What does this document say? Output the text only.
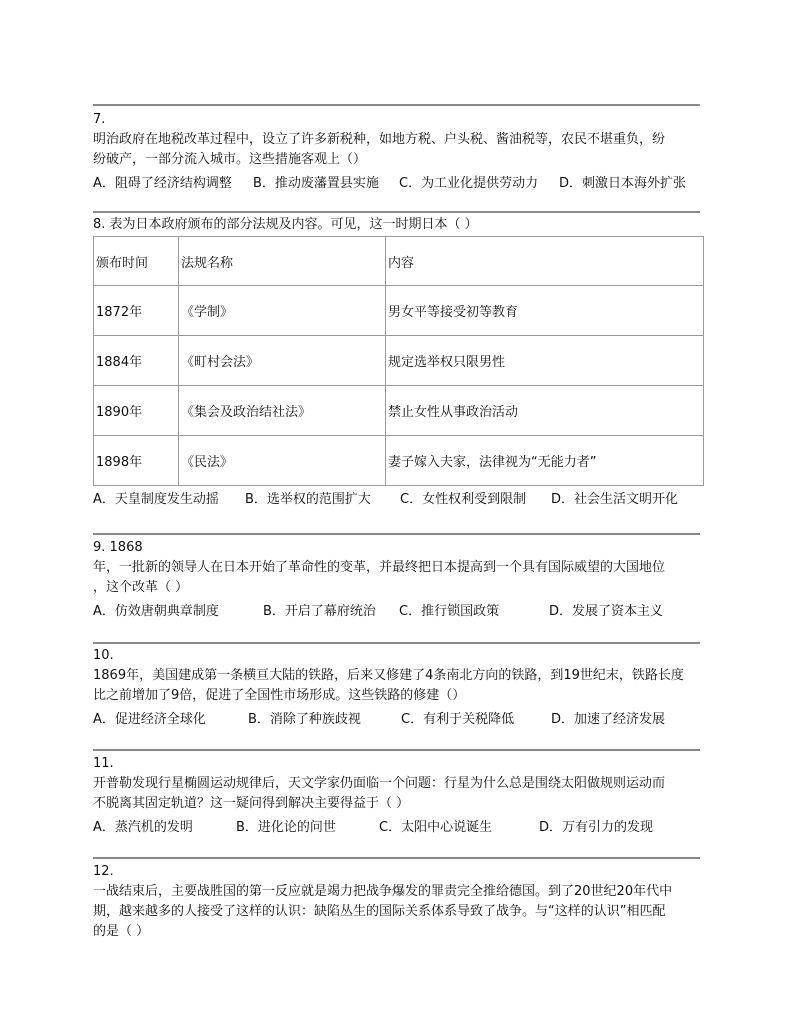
7.
明治政府在地税改革过程中，设立了许多新税种，如地方税、户头税、酱油税等，农民不堪重负，纷
纷破产，一部分流入城市。这些措施客观上（）
A．阻碍了经济结构调整	B．推动废藩置县实施	C．为工业化提供劳动力	D．刺激日本海外扩张
8. 表为日本政府颁布的部分法规及内容。可见，这一时期日本（ ）
颁布时间	法规名称	内容
1872年	《学制》	男女平等接受初等教育
1884年	《町村会法》	规定选举权只限男性
1890年	《集会及政治结社法》	禁止女性从事政治活动
1898年	《民法》	妻子嫁入夫家，法律视为“无能力者”
A．天皇制度发生动摇	B．选举权的范围扩大	C．女性权利受到限制	D．社会生活文明开化
9. 1868
年，一批新的领导人在日本开始了革命性的变革，并最终把日本提高到一个具有国际威望的大国地位
，这个改革（ ）
A．仿效唐朝典章制度	B．开启了幕府统治	C．推行锁国政策	D．发展了资本主义
10.
1869年，美国建成第一条横亘大陆的铁路，后来又修建了4条南北方向的铁路，到19世纪末，铁路长度
比之前增加了9倍，促进了全国性市场形成。这些铁路的修建（）
A．促进经济全球化	B．消除了种族歧视	C．有利于关税降低	D．加速了经济发展
11.
开普勒发现行星椭圆运动规律后，天文学家仍面临一个问题：行星为什么总是围绕太阳做规则运动而
不脱离其固定轨道？这一疑问得到解决主要得益于（ ）
A．蒸汽机的发明	B．进化论的问世	C．太阳中心说诞生	D．万有引力的发现
12.
一战结束后，主要战胜国的第一反应就是竭力把战争爆发的罪责完全推给德国。到了20世纪20年代中
期，越来越多的人接受了这样的认识：缺陷丛生的国际关系体系导致了战争。与“这样的认识”相匹配
的是（ ）
